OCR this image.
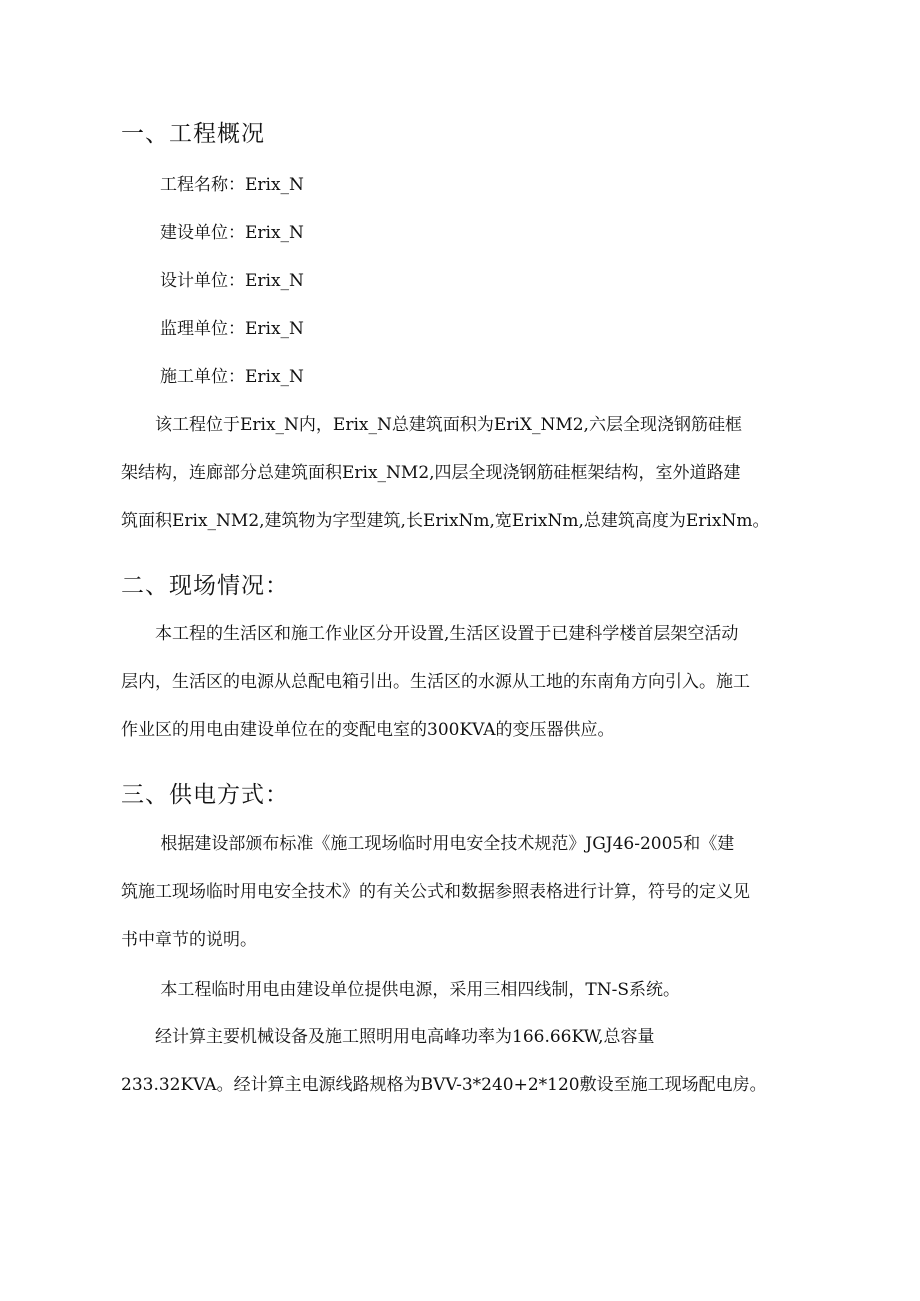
一、工程概况
工程名称：Erix_N
建设单位：Erix_N
设计单位：Erix_N
监理单位：Erix_N
施工单位：Erix_N
　　该工程位于Erix_N内，Erix_N总建筑面积为EriX_NM2,六层全现浇钢筋硅框
架结构，连廊部分总建筑面积Erix_NM2,四层全现浇钢筋硅框架结构，室外道路建
筑面积Erix_NM2,建筑物为字型建筑,长ErixNm,宽ErixNm,总建筑高度为ErixNm。
二、现场情况：
　　本工程的生活区和施工作业区分开设置,生活区设置于已建科学楼首层架空活动
层内，生活区的电源从总配电箱引出。生活区的水源从工地的东南角方向引入。施工
作业区的用电由建设单位在的变配电室的300KVA的变压器供应。
三、供电方式：
　　 根据建设部颁布标准《施工现场临时用电安全技术规范》JGJ46-2005和《建
筑施工现场临时用电安全技术》的有关公式和数据参照表格进行计算，符号的定义见
书中章节的说明。
　　 本工程临时用电由建设单位提供电源，采用三相四线制，TN-S系统。
　　经计算主要机械设备及施工照明用电高峰功率为166.66KW,总容量
233.32KVA。经计算主电源线路规格为BVV-3*240+2*120敷设至施工现场配电房。
